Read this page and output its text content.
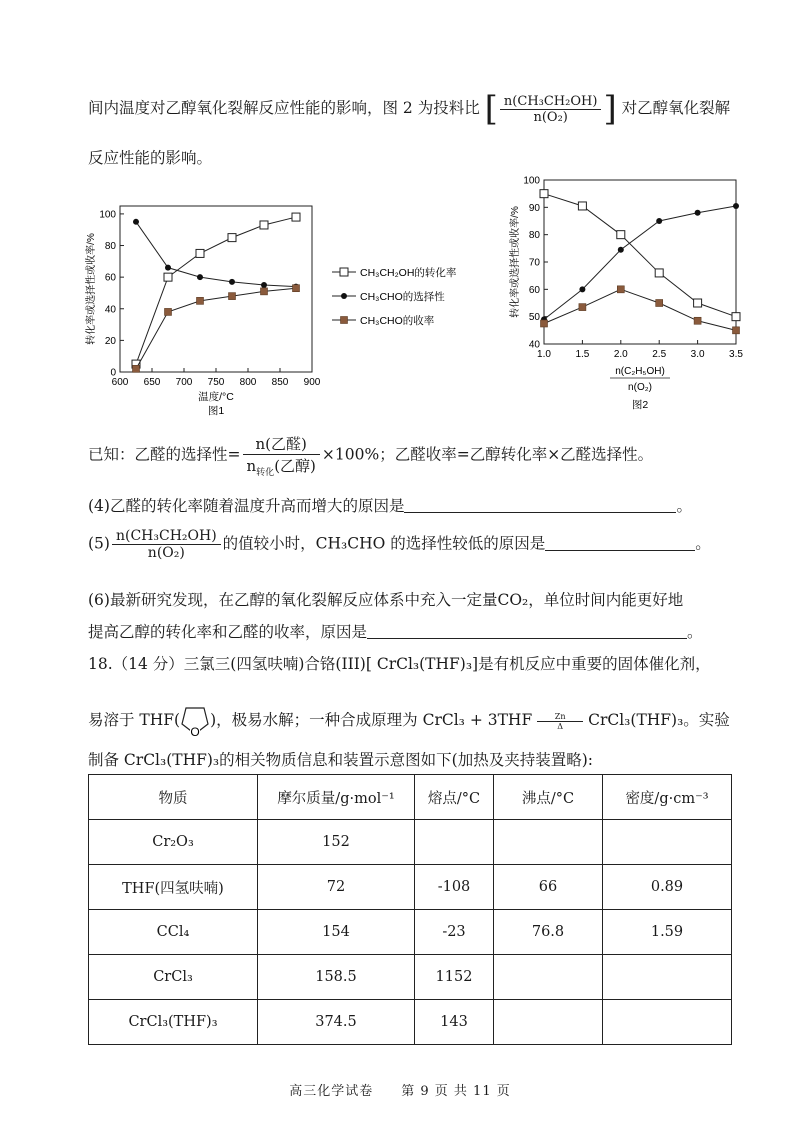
间内温度对乙醇氧化裂解反应性能的影响，图 2 为投料比 [ $\frac{\text{n(CH₃CH₂OH)}}{\text{n(O₂)}}$ ] 对乙醇氧化裂解
反应性能的影响。
600 650 700 750 800 850 900
0
20
40
60
80
100
转化率或选择性或收率/%
温度/°C
图1
CH₃CH₂OH的转化率
CH₃CHO的选择性
CH₃CHO的收率
1.0 1.5 2.0 2.5 3.0 3.5
40
50
60
70
80
90
100
转化率或选择性或收率/%
n(C₂H₅OH)
n(O₂)
图2
已知：乙醛的选择性= $\frac{\text{n(乙醛)}}{n_{转化}(乙醇)} \times 100\%$；乙醛收率=乙醇转化率×乙醛选择性。
(4)乙醛的转化率随着温度升高而增大的原因是	。
$(5) \frac{\text{n(CH₃CH₂OH)}}{\text{n(O₂)}}$ 的值较小时，CH₃CHO 的选择性较低的原因是	。
(6)最新研究发现，在乙醇的氧化裂解反应体系中充入一定量CO₂，单位时间内能更好地
提高乙醇的转化率和乙醛的收率，原因是	。
18.（14 分）三氯三(四氢呋喃)合铬(III)[ CrCl₃(THF)₃]是有机反应中重要的固体催化剂，
易溶于 THF(
O
)，极易水解；一种合成原理为 CrCl₃ + $3THF \frac{Zn}{\Delta}$ CrCl₃(THF)₃。实验
制备 CrCl₃(THF)₃的相关物质信息和装置示意图如下(加热及夹持装置略):
物质	摩尔质量/g·mol⁻¹	熔点/°C	沸点/°C	密度/g·cm⁻³
Cr₂O₃	152			
THF(四氢呋喃)	72	-108	66	0.89
CCl₄	154	-23	76.8	1.59
CrCl₃	158.5	1152		
CrCl₃(THF)₃	374.5	143		
高三化学试卷　　第 9 页 共 11 页
